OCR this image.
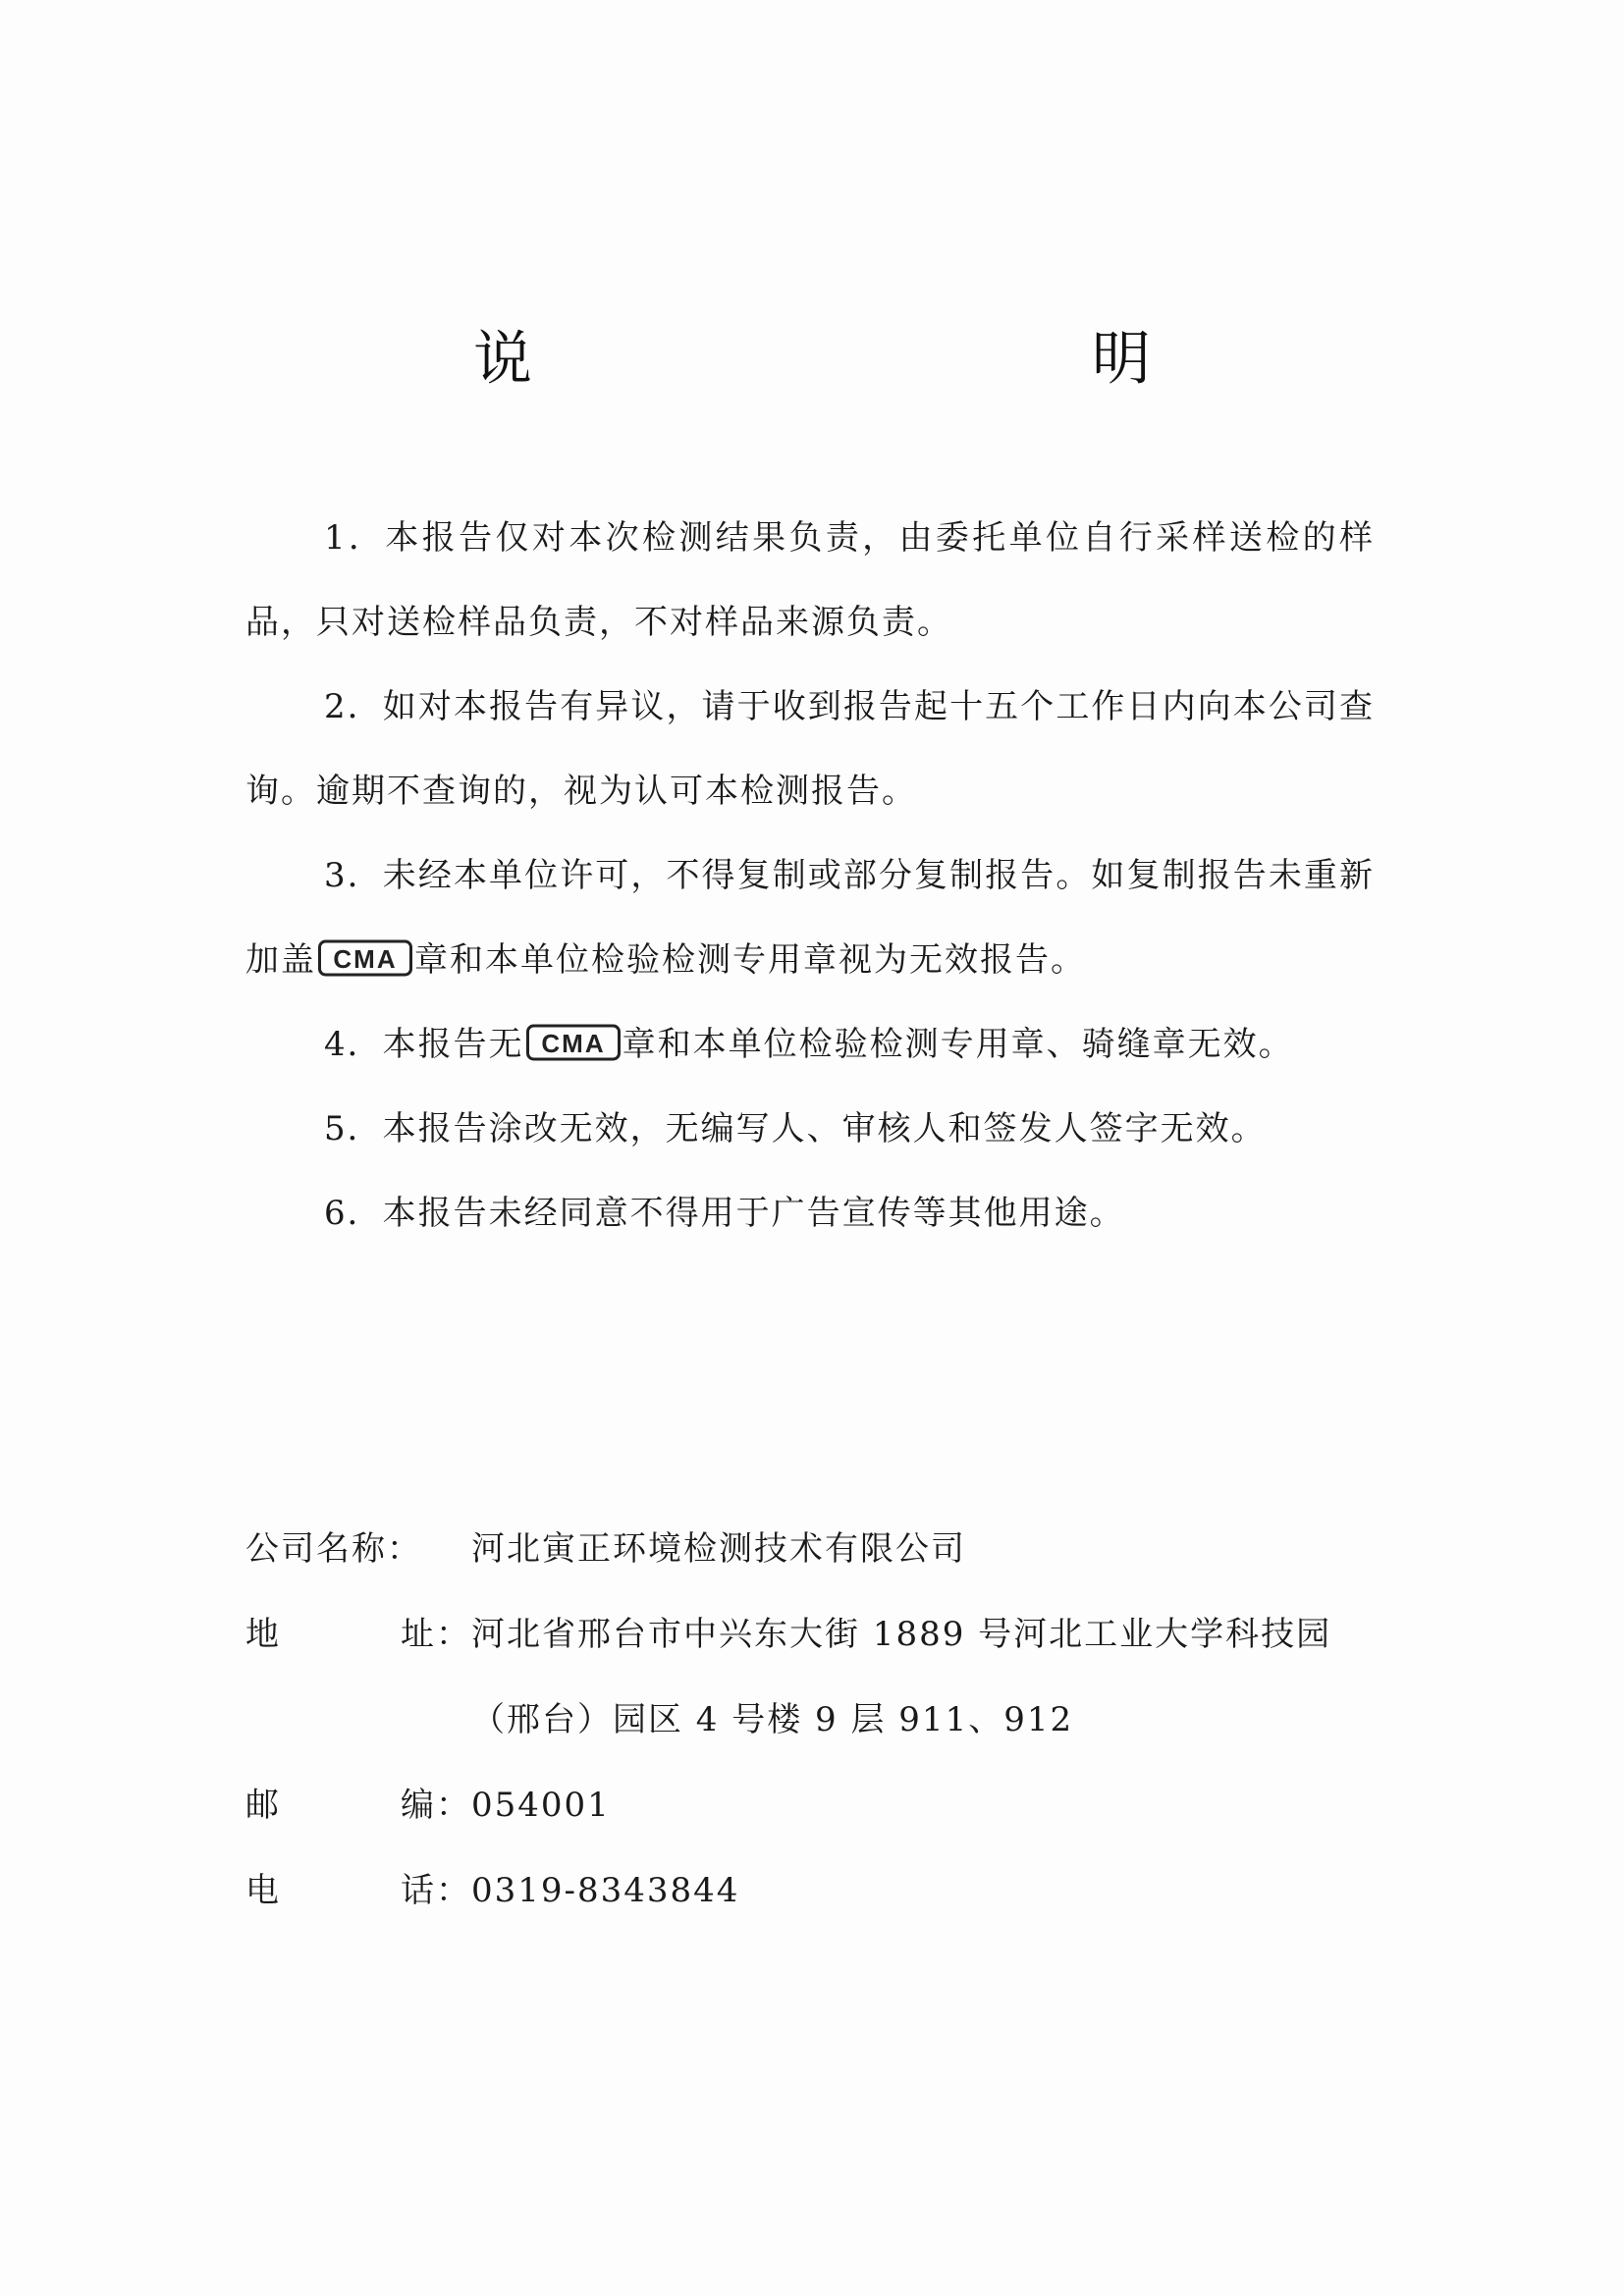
说　　明

1．本报告仅对本次检测结果负责，由委托单位自行采样送检的样品，只对送检样品负责，不对样品来源负责。

2．如对本报告有异议，请于收到报告起十五个工作日内向本公司查询。逾期不查询的，视为认可本检测报告。

3．未经本单位许可，不得复制或部分复制报告。如复制报告未重新加盖 CMA 章和本单位检验检测专用章视为无效报告。

4．本报告无 CMA 章和本单位检验检测专用章、骑缝章无效。

5．本报告涂改无效，无编写人、审核人和签发人签字无效。

6．本报告未经同意不得用于广告宣传等其他用途。

公司名称：	河北寅正环境检测技术有限公司
地	址： 河北省邢台市中兴东大街 1889 号河北工业大学科技园
（邢台）园区 4 号楼 9 层 911、912
邮	编： 054001
电	话： 0319-8343844
